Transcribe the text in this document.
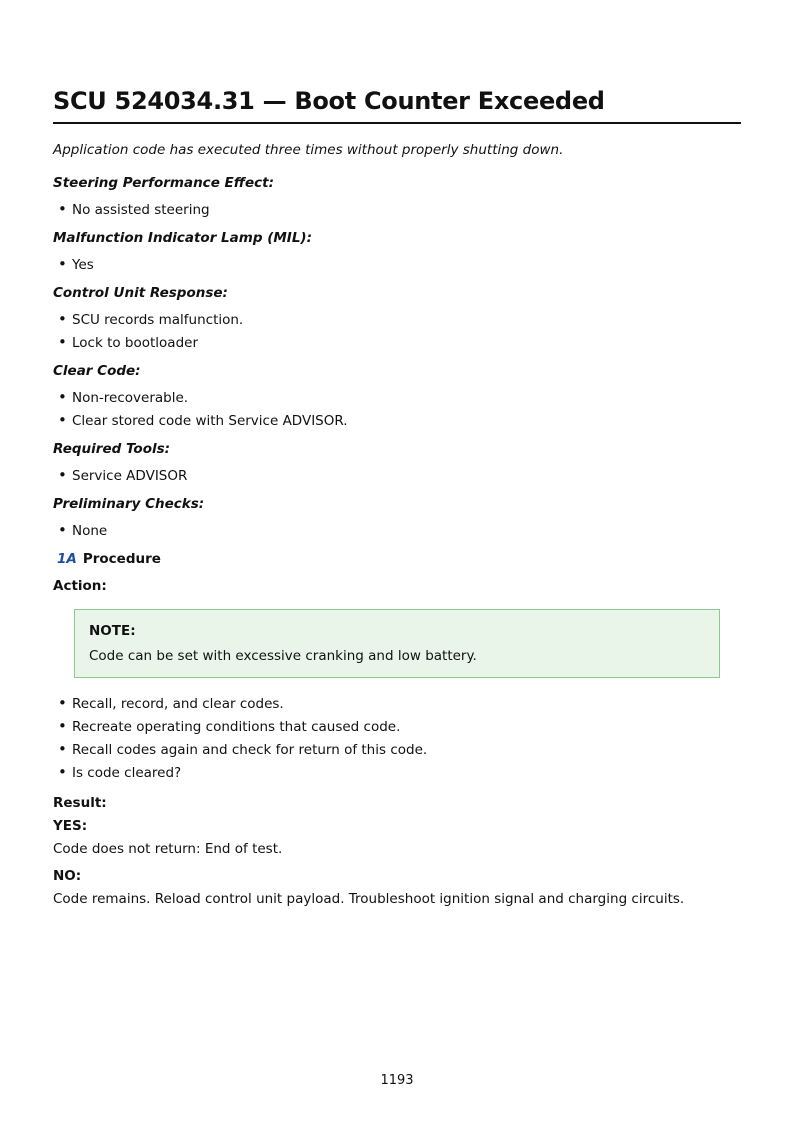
SCU 524034.31 — Boot Counter Exceeded

Application code has executed three times without properly shutting down.

Steering Performance Effect:

• No assisted steering

Malfunction Indicator Lamp (MIL):

• Yes

Control Unit Response:

• SCU records malfunction.
• Lock to bootloader

Clear Code:

• Non-recoverable.
• Clear stored code with Service ADVISOR.

Required Tools:

• Service ADVISOR

Preliminary Checks:

• None

1A Procedure

Action:

NOTE:

Code can be set with excessive cranking and low battery.

• Recall, record, and clear codes.
• Recreate operating conditions that caused code.
• Recall codes again and check for return of this code.
• Is code cleared?

Result:

YES:

Code does not return: End of test.

NO:

Code remains. Reload control unit payload. Troubleshoot ignition signal and charging circuits.

1193
